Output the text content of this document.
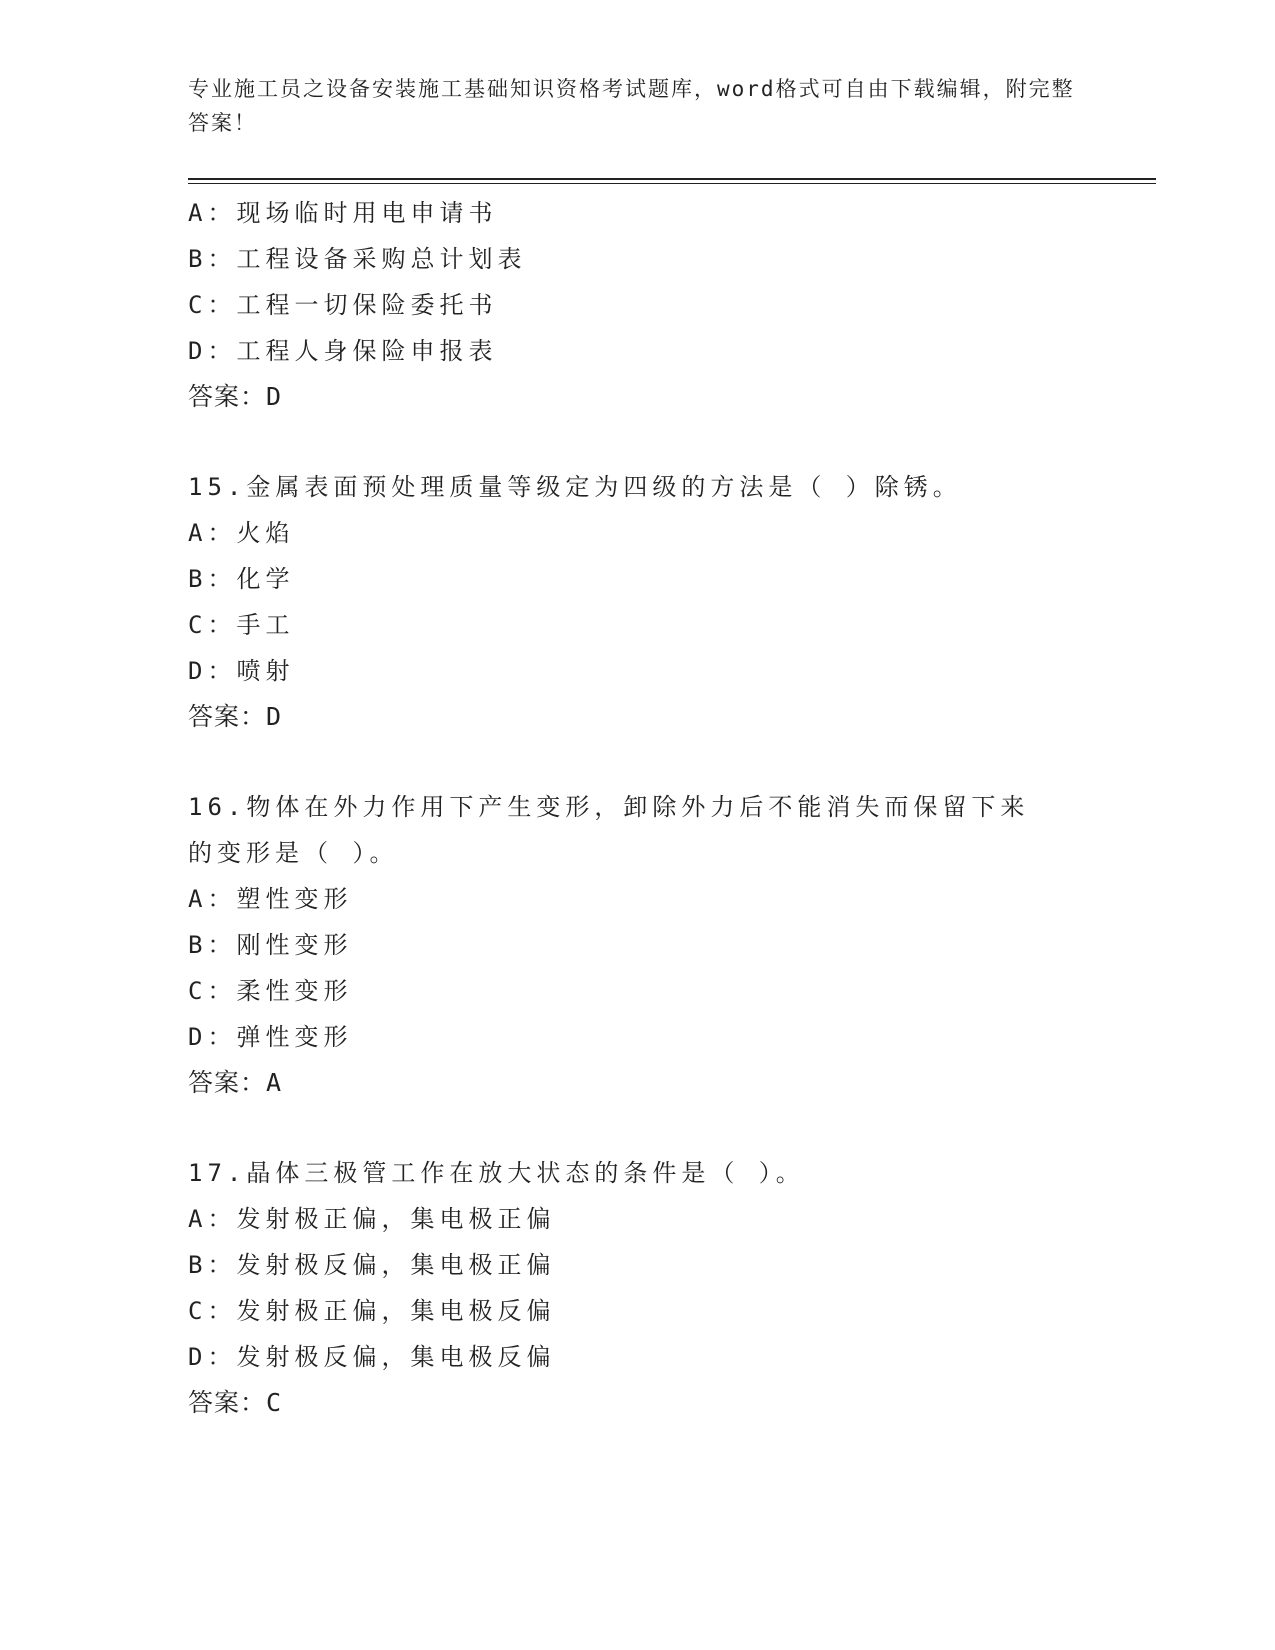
专业施工员之设备安装施工基础知识资格考试题库，word格式可自由下载编辑，附完整答案！
A：现场临时用电申请书
B：工程设备采购总计划表
C：工程一切保险委托书
D：工程人身保险申报表
答案：D
15.金属表面预处理质量等级定为四级的方法是（ ）除锈。
A：火焰
B：化学
C：手工
D：喷射
答案：D
16.物体在外力作用下产生变形，卸除外力后不能消失而保留下来的变形是（ ）。
A：塑性变形
B：刚性变形
C：柔性变形
D：弹性变形
答案：A
17.晶体三极管工作在放大状态的条件是（ ）。
A：发射极正偏，集电极正偏
B：发射极反偏，集电极正偏
C：发射极正偏，集电极反偏
D：发射极反偏，集电极反偏
答案：C
